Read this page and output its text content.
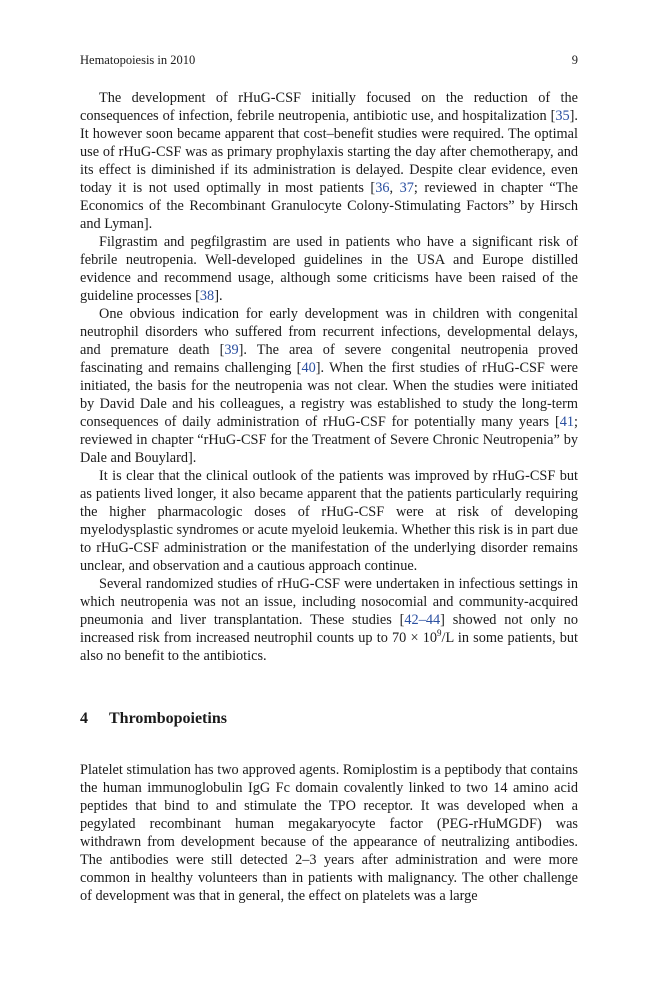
Hematopoiesis in 2010	9

The development of rHuG-CSF initially focused on the reduction of the consequences of infection, febrile neutropenia, antibiotic use, and hospitalization [35]. It however soon became apparent that cost–benefit studies were required. The optimal use of rHuG-CSF was as primary prophylaxis starting the day after chemotherapy, and its effect is diminished if its administration is delayed. Despite clear evidence, even today it is not used optimally in most patients [36, 37; reviewed in chapter “The Economics of the Recombinant Granulocyte Colony-Stimulating Factors” by Hirsch and Lyman].

Filgrastim and pegfilgrastim are used in patients who have a significant risk of febrile neutropenia. Well-developed guidelines in the USA and Europe distilled evidence and recommend usage, although some criticisms have been raised of the guideline processes [38].

One obvious indication for early development was in children with congenital neutrophil disorders who suffered from recurrent infections, developmental delays, and premature death [39]. The area of severe congenital neutropenia proved fascinating and remains challenging [40]. When the first studies of rHuG-CSF were initiated, the basis for the neutropenia was not clear. When the studies were initiated by David Dale and his colleagues, a registry was established to study the long-term consequences of daily administration of rHuG-CSF for potentially many years [41; reviewed in chapter “rHuG-CSF for the Treatment of Severe Chronic Neutropenia” by Dale and Bouylard].

It is clear that the clinical outlook of the patients was improved by rHuG-CSF but as patients lived longer, it also became apparent that the patients particularly requiring the higher pharmacologic doses of rHuG-CSF were at risk of developing myelodysplastic syndromes or acute myeloid leukemia. Whether this risk is in part due to rHuG-CSF administration or the manifestation of the underlying disorder remains unclear, and observation and a cautious approach continue.

Several randomized studies of rHuG-CSF were undertaken in infectious settings in which neutropenia was not an issue, including nosocomial and community-acquired pneumonia and liver transplantation. These studies [42–44] showed not only no increased risk from increased neutrophil counts up to $70 \times 10^9/L$ in some patients, but also no benefit to the antibiotics.

4 Thrombopoietins

Platelet stimulation has two approved agents. Romiplostim is a peptibody that contains the human immunoglobulin IgG Fc domain covalently linked to two 14 amino acid peptides that bind to and stimulate the TPO receptor. It was developed when a pegylated recombinant human megakaryocyte factor (PEG-rHuMGDF) was withdrawn from development because of the appearance of neutralizing antibodies. The antibodies were still detected 2–3 years after administration and were more common in healthy volunteers than in patients with malignancy. The other challenge of development was that in general, the effect on platelets was a large
